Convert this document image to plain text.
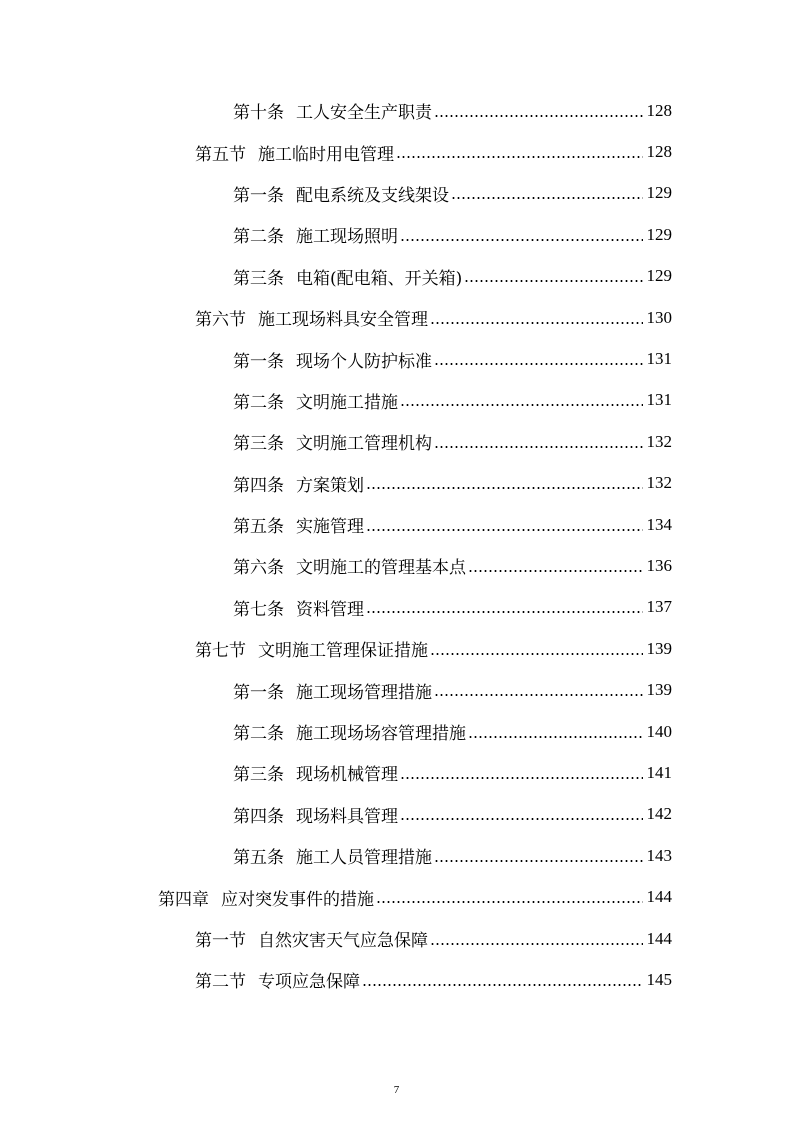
第十条 工人安全生产职责	128
第五节 施工临时用电管理	128
第一条 配电系统及支线架设	129
第二条 施工现场照明	129
第三条 电箱(配电箱、开关箱)	129
第六节 施工现场料具安全管理	130
第一条 现场个人防护标准	131
第二条 文明施工措施	131
第三条 文明施工管理机构	132
第四条 方案策划	132
第五条 实施管理	134
第六条 文明施工的管理基本点	136
第七条 资料管理	137
第七节 文明施工管理保证措施	139
第一条 施工现场管理措施	139
第二条 施工现场场容管理措施	140
第三条 现场机械管理	141
第四条 现场料具管理	142
第五条 施工人员管理措施	143
第四章 应对突发事件的措施	144
第一节 自然灾害天气应急保障	144
第二节 专项应急保障	145
7
